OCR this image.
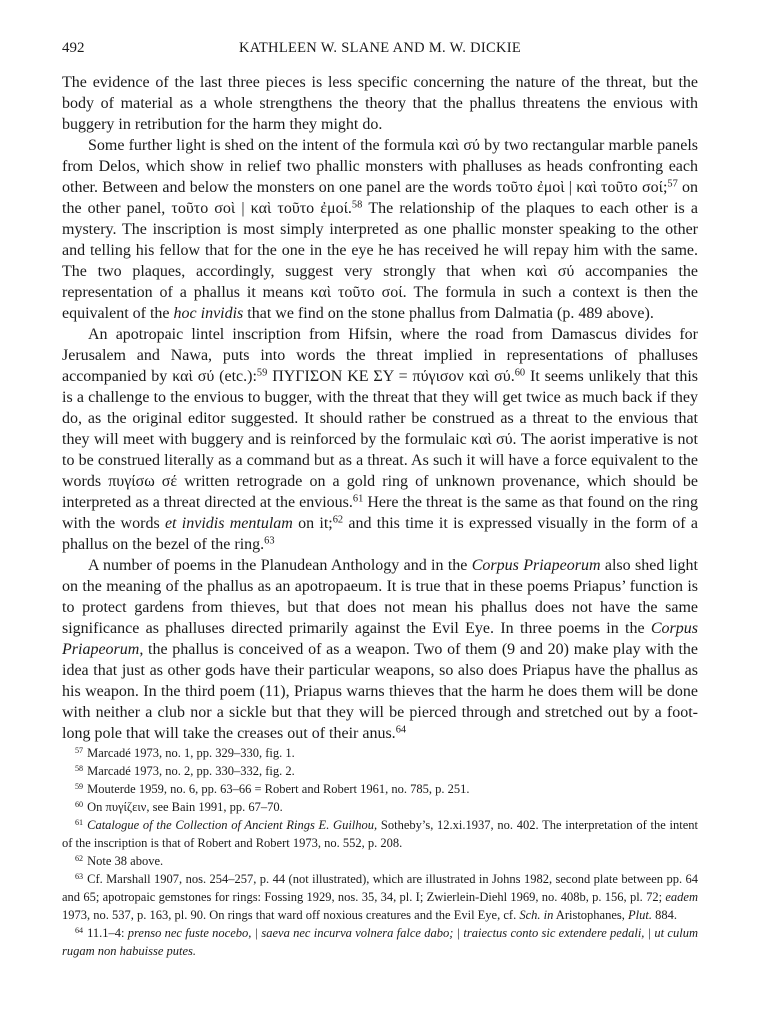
492	KATHLEEN W. SLANE AND M. W. DICKIE

The evidence of the last three pieces is less specific concerning the nature of the threat, but the body of material as a whole strengthens the theory that the phallus threatens the envious with buggery in retribution for the harm they might do.

Some further light is shed on the intent of the formula καὶ σύ by two rectangular marble panels from Delos, which show in relief two phallic monsters with phalluses as heads confronting each other. Between and below the monsters on one panel are the words τοῦτο ἐμοὶ | καὶ τοῦτο σοί;$^{57}$ on the other panel, τοῦτο σοὶ | καὶ τοῦτο ἐμοί.$^{58}$ The relationship of the plaques to each other is a mystery. The inscription is most simply interpreted as one phallic monster speaking to the other and telling his fellow that for the one in the eye he has received he will repay him with the same. The two plaques, accordingly, suggest very strongly that when καὶ σύ accompanies the representation of a phallus it means καὶ τοῦτο σοί. The formula in such a context is then the equivalent of the hoc invidis that we find on the stone phallus from Dalmatia (p. 489 above).

An apotropaic lintel inscription from Hifsin, where the road from Damascus divides for Jerusalem and Nawa, puts into words the threat implied in representations of phalluses accompanied by καὶ σύ (etc.):$^{59}$ ΠΥΓΙΣΟΝ ΚΕ ΣΥ = πύγισον καὶ σύ.$^{60}$ It seems unlikely that this is a challenge to the envious to bugger, with the threat that they will get twice as much back if they do, as the original editor suggested. It should rather be construed as a threat to the envious that they will meet with buggery and is reinforced by the formulaic καὶ σύ. The aorist imperative is not to be construed literally as a command but as a threat. As such it will have a force equivalent to the words πυγίσω σέ written retrograde on a gold ring of unknown provenance, which should be interpreted as a threat directed at the envious.$^{61}$ Here the threat is the same as that found on the ring with the words et invidis mentulam on it;$^{62}$ and this time it is expressed visually in the form of a phallus on the bezel of the ring.$^{63}$

A number of poems in the Planudean Anthology and in the Corpus Priapeorum also shed light on the meaning of the phallus as an apotropaeum. It is true that in these poems Priapus’ function is to protect gardens from thieves, but that does not mean his phallus does not have the same significance as phalluses directed primarily against the Evil Eye. In three poems in the Corpus Priapeorum, the phallus is conceived of as a weapon. Two of them (9 and 20) make play with the idea that just as other gods have their particular weapons, so also does Priapus have the phallus as his weapon. In the third poem (11), Priapus warns thieves that the harm he does them will be done with neither a club nor a sickle but that they will be pierced through and stretched out by a foot-long pole that will take the creases out of their anus.$^{64}$

$^{57}$ Marcadé 1973, no. 1, pp. 329–330, fig. 1.

$^{58}$ Marcadé 1973, no. 2, pp. 330–332, fig. 2.

$^{59}$ Mouterde 1959, no. 6, pp. 63–66 = Robert and Robert 1961, no. 785, p. 251.

$^{60}$ On πυγίζειν, see Bain 1991, pp. 67–70.

$^{61}$ Catalogue of the Collection of Ancient Rings E. Guilhou, Sotheby’s, 12.xi.1937, no. 402. The interpretation of the intent of the inscription is that of Robert and Robert 1973, no. 552, p. 208.

$^{62}$ Note 38 above.

$^{63}$ Cf. Marshall 1907, nos. 254–257, p. 44 (not illustrated), which are illustrated in Johns 1982, second plate between pp. 64 and 65; apotropaic gemstones for rings: Fossing 1929, nos. 35, 34, pl. I; Zwierlein-Diehl 1969, no. 408b, p. 156, pl. 72; eadem 1973, no. 537, p. 163, pl. 90. On rings that ward off noxious creatures and the Evil Eye, cf. Sch. in Aristophanes, Plut. 884.

$^{64}$ 11.1–4: prenso nec fuste nocebo, | saeva nec incurva volnera falce dabo; | traiectus conto sic extendere pedali, | ut culum rugam non habuisse putes.
